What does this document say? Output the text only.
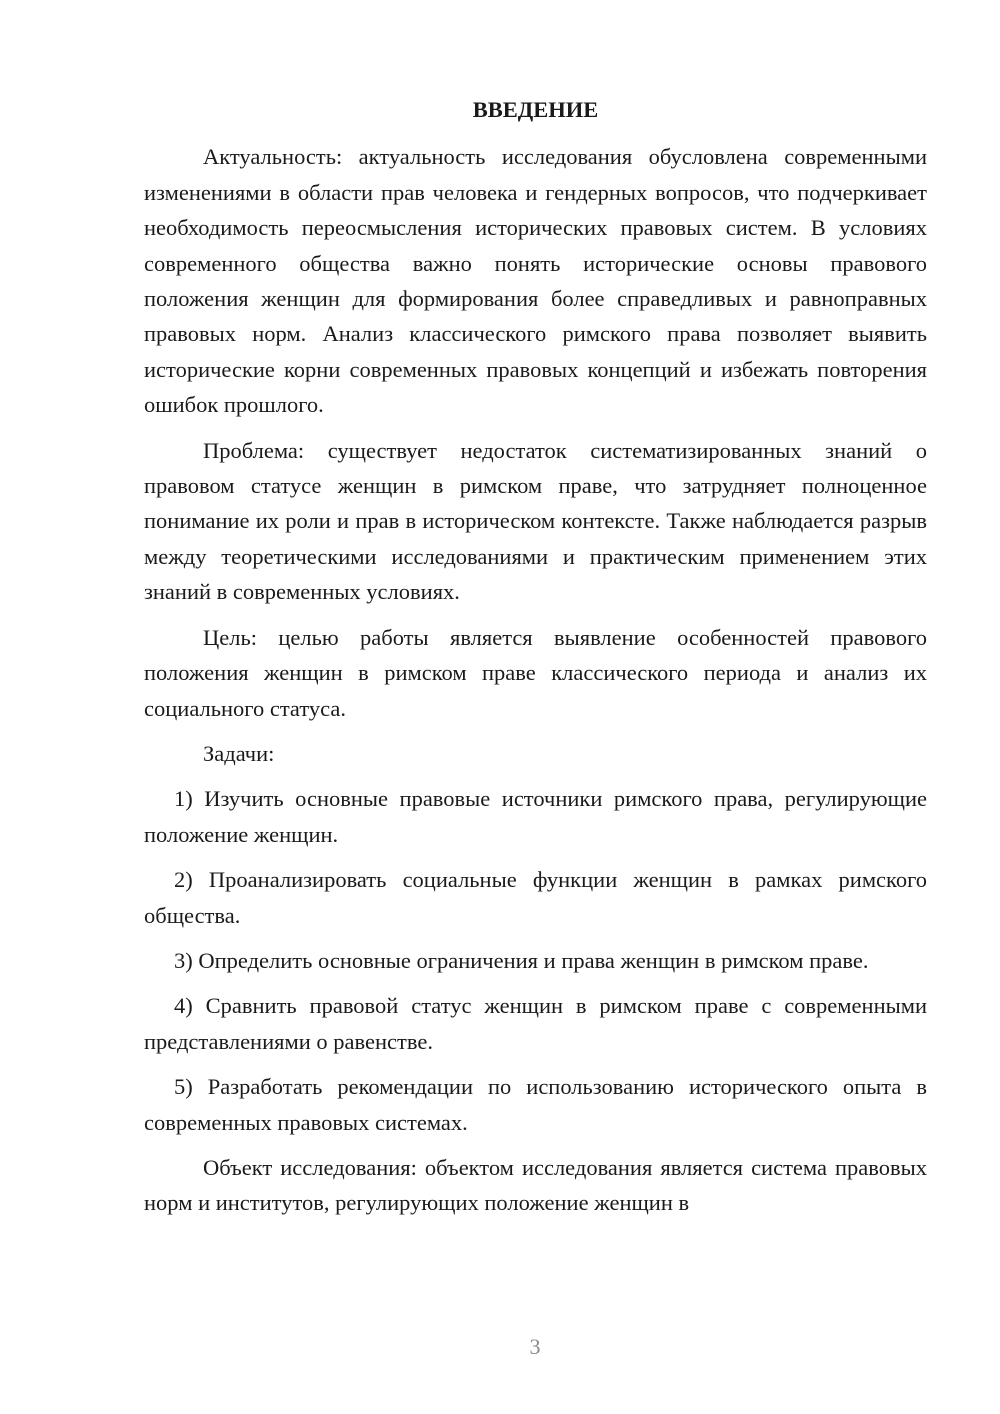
ВВЕДЕНИЕ

Актуальность: актуальность исследования обусловлена современными изменениями в области прав человека и гендерных вопросов, что подчеркивает необходимость переосмысления исторических правовых систем. В условиях современного общества важно понять исторические основы правового положения женщин для формирования более справедливых и равноправных правовых норм. Анализ классического римского права позволяет выявить исторические корни современных правовых концепций и избежать повторения ошибок прошлого.

Проблема: существует недостаток систематизированных знаний о правовом статусе женщин в римском праве, что затрудняет полноценное понимание их роли и прав в историческом контексте. Также наблюдается разрыв между теоретическими исследованиями и практическим применением этих знаний в современных условиях.

Цель: целью работы является выявление особенностей правового положения женщин в римском праве классического периода и анализ их социального статуса.

Задачи:

1) Изучить основные правовые источники римского права, регулирующие положение женщин.

2) Проанализировать социальные функции женщин в рамках римского общества.

3) Определить основные ограничения и права женщин в римском праве.

4) Сравнить правовой статус женщин в римском праве с современными представлениями о равенстве.

5) Разработать рекомендации по использованию исторического опыта в современных правовых системах.

Объект исследования: объектом исследования является система правовых норм и институтов, регулирующих положение женщин в

3
